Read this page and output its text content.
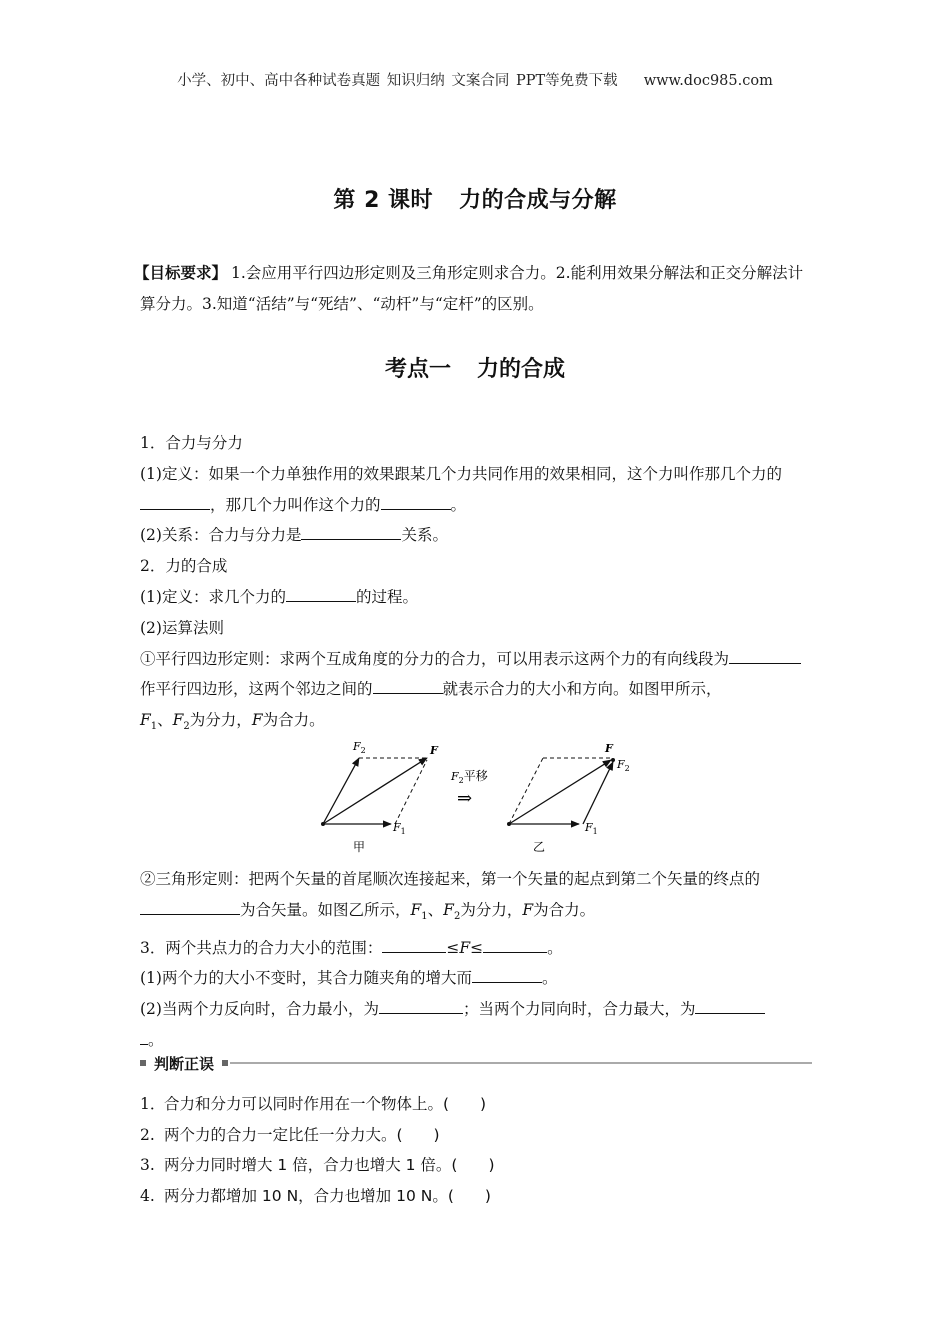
小学、初中、高中各种试卷真题 知识归纳 文案合同 PPT等免费下载 www.doc985.com
第 2 课时 力的合成与分解
【目标要求】 1.会应用平行四边形定则及三角形定则求合力。2.能利用效果分解法和正交分解法计算分力。3.知道“活结”与“死结”、“动杆”与“定杆”的区别。
考点一 力的合成

1．合力与分力

(1)定义：如果一个力单独作用的效果跟某几个力共同作用的效果相同，这个力叫作那几个力的，那几个力叫作这个力的	。

(2)关系：合力与分力是	关系。

2．力的合成

(1)定义：求几个力的	的过程。

(2)运算法则

①平行四边形定则：求两个互成角度的分力的合力，可以用表示这两个力的有向线段为作平行四边形，这两个邻边之间的	就表示合力的大小和方向。如图甲所示，
$F_1$、$F_2$为分力，F为合力。

$F_2$	F
$F_1$
甲
$F_2$平移
⇒
F
$F_2$
$F_1$
乙

②三角形定则：把两个矢量的首尾顺次连接起来，第一个矢量的起点到第二个矢量的终点的
为合矢量。如图乙所示，$F_1$、$F_2$为分力，F为合力。

3．两个共点力的合力大小的范围：	≤F≤	。

(1)两个力的大小不变时，其合力随夹角的增大而	。

(2)当两个力反向时，合力最小，为	；当两个力同向时，合力最大，为
。

判断正误

1．合力和分力可以同时作用在一个物体上。(　　)

2. 两个力的合力一定比任一分力大。(　　)

3. 两分力同时增大 1 倍，合力也增大 1 倍。(　　)

4. 两分力都增加 10 N，合力也增加 10 N。(　　)
